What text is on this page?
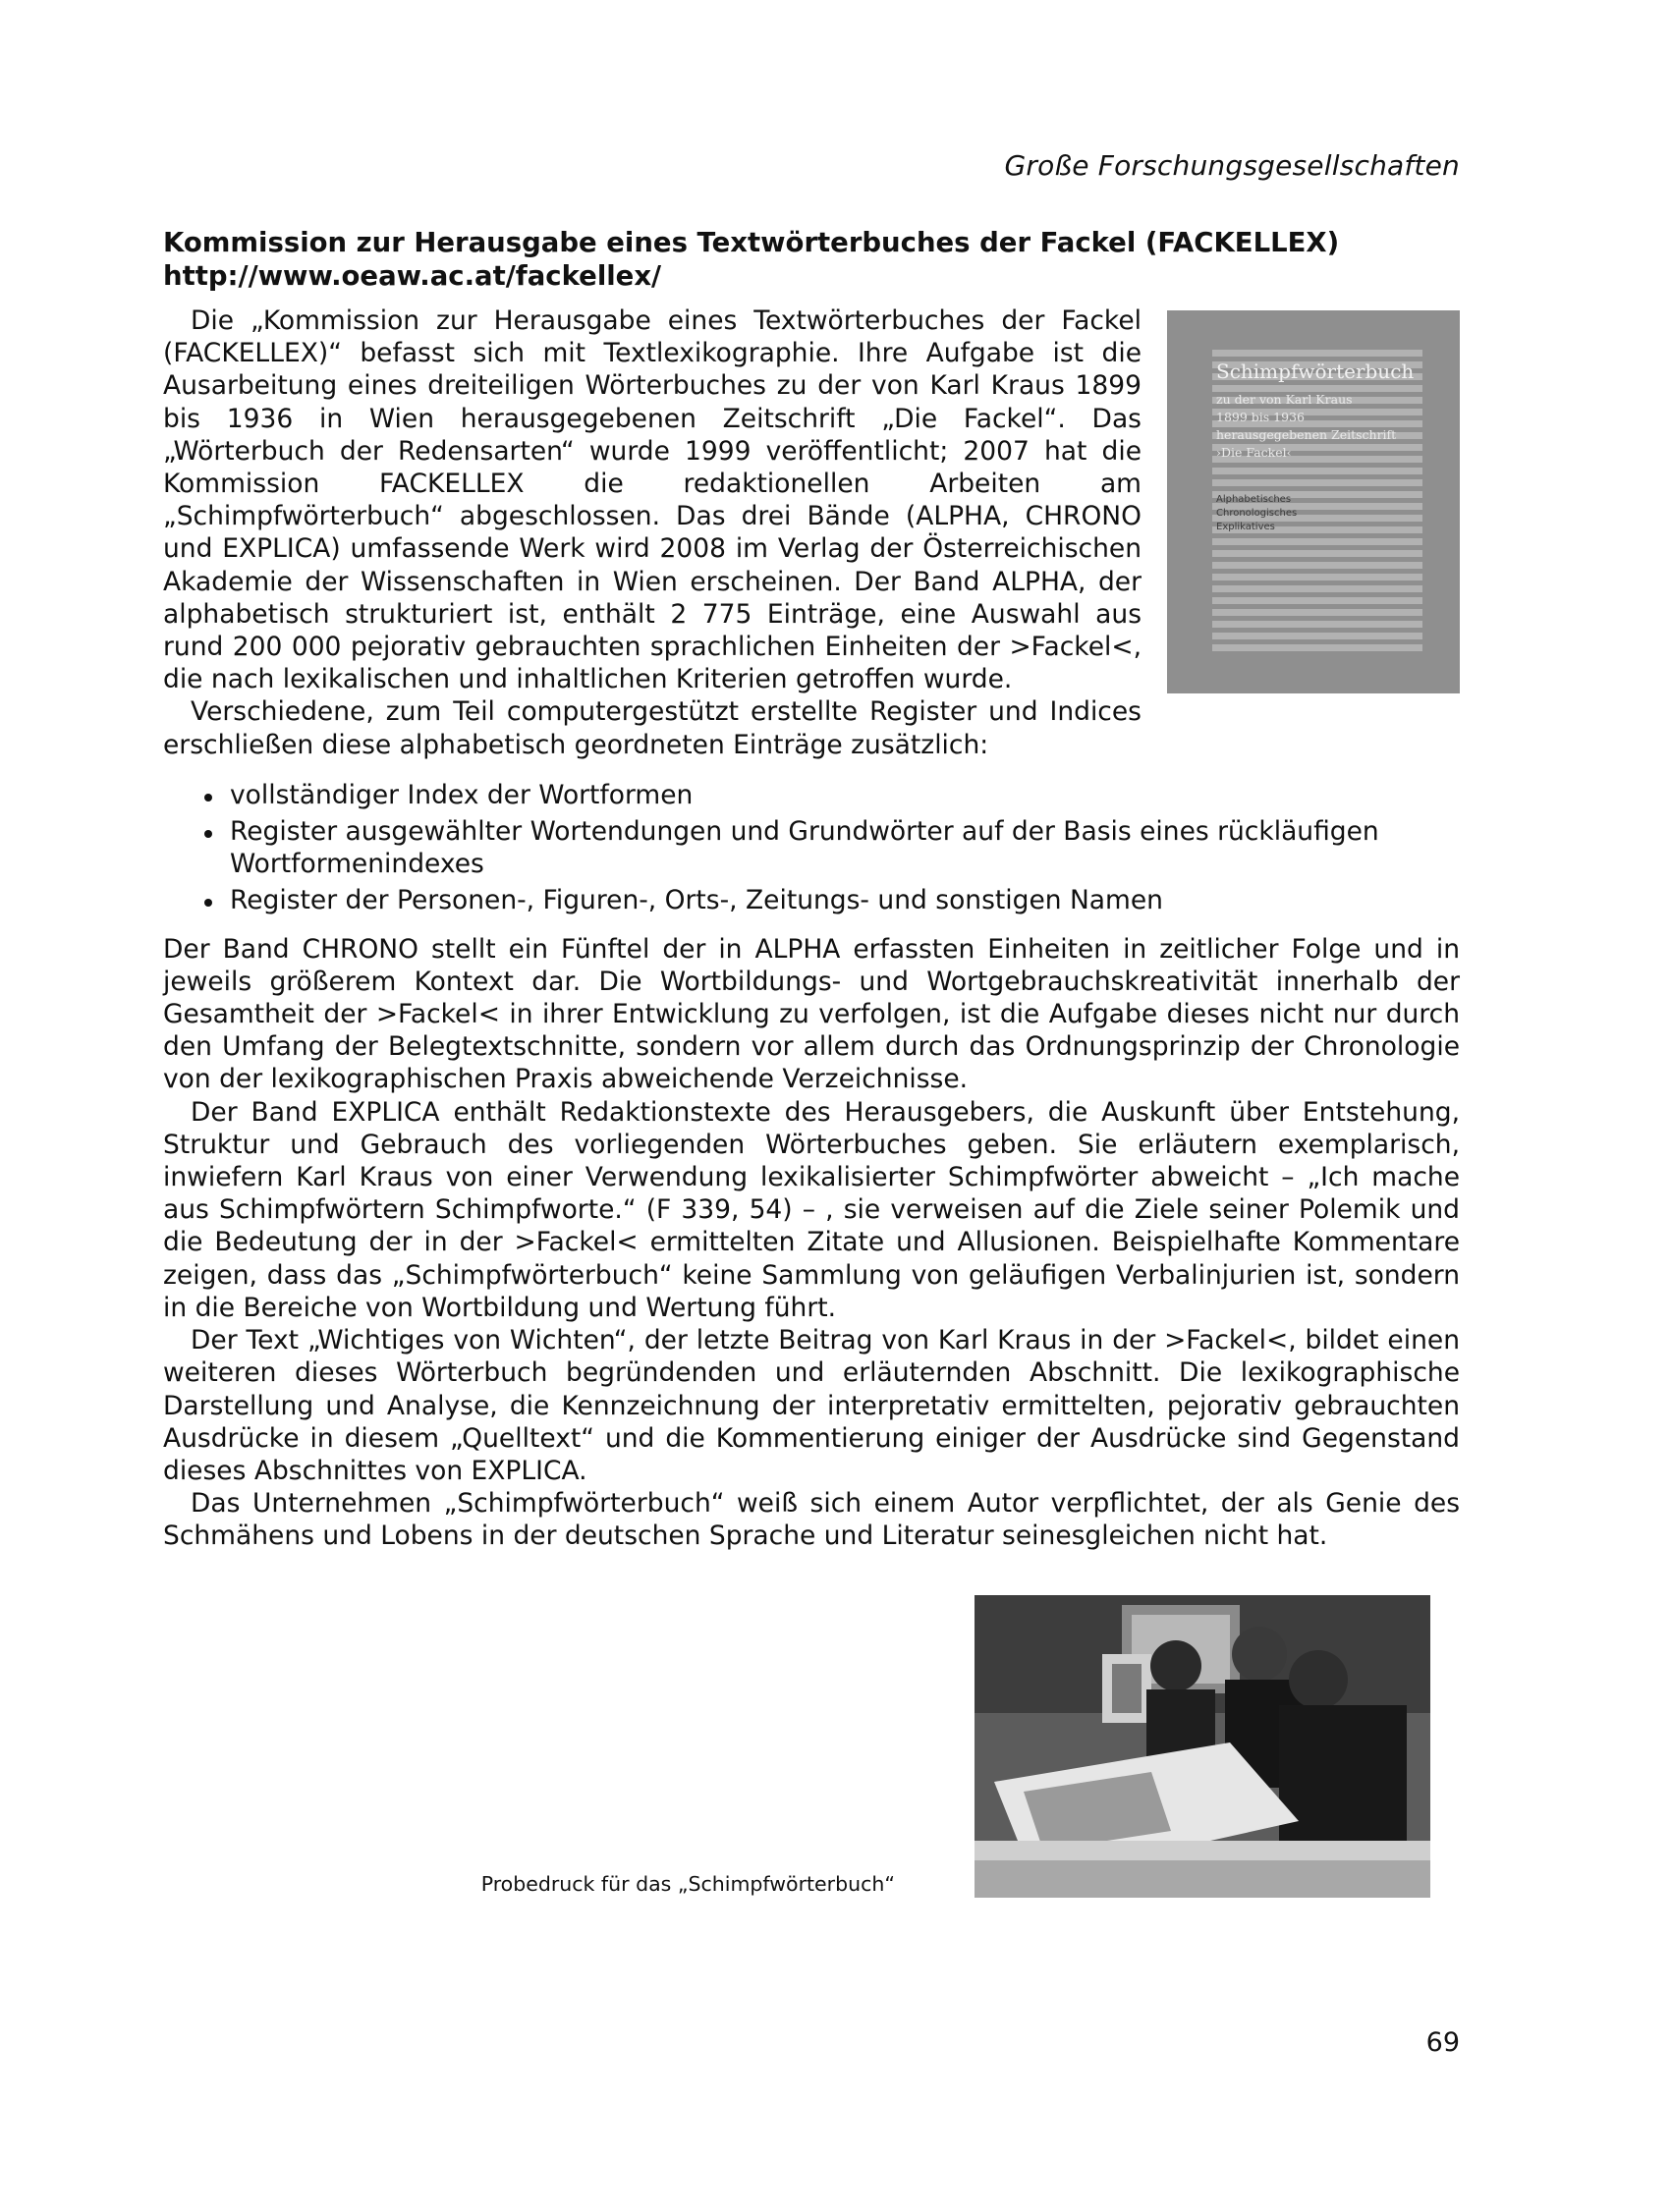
Große Forschungsgesellschaften
Kommission zur Herausgabe eines Textwörterbuches der Fackel (FACKELLEX)
http://www.oeaw.ac.at/fackellex/
Schimpfwörterbuch
zu der von Karl Kraus
1899 bis 1936
herausgegebenen Zeitschrift
›Die Fackel‹
Alphabetisches
Chronologisches
Explikatives

Die „Kommission zur Herausgabe eines Textwörterbuches der Fackel (FACKELLEX)“ befasst sich mit Textlexikographie. Ihre Aufgabe ist die Ausarbeitung eines dreiteiligen Wörterbuches zu der von Karl Kraus 1899 bis 1936 in Wien herausgegebenen Zeitschrift „Die Fackel“. Das „Wörterbuch der Redensarten“ wurde 1999 veröffentlicht; 2007 hat die Kommission FACKELLEX die redaktionellen Arbeiten am „Schimpfwörterbuch“ abgeschlossen. Das drei Bände (ALPHA, CHRONO und EXPLICA) umfassende Werk wird 2008 im Verlag der Österreichischen Akademie der Wissenschaften in Wien erscheinen. Der Band ALPHA, der alphabetisch strukturiert ist, enthält 2 775 Einträge, eine Auswahl aus rund 200 000 pejorativ gebrauchten sprachlichen Einheiten der >Fackel<, die nach lexikalischen und inhaltlichen Kriterien getroffen wurde.

Verschiedene, zum Teil computergestützt erstellte Register und Indices erschließen diese alphabetisch geordneten Einträge zusätzlich:

vollständiger Index der Wortformen
Register ausgewählter Wortendungen und Grundwörter auf der Basis eines rückläufigen Wortformenindexes
Register der Personen-, Figuren-, Orts-, Zeitungs- und sonstigen Namen

Der Band CHRONO stellt ein Fünftel der in ALPHA erfassten Einheiten in zeitlicher Folge und in jeweils größerem Kontext dar. Die Wortbildungs- und Wortgebrauchskreativität innerhalb der Gesamtheit der >Fackel< in ihrer Entwicklung zu verfolgen, ist die Aufgabe dieses nicht nur durch den Umfang der Belegtextschnitte, sondern vor allem durch das Ordnungsprinzip der Chronologie von der lexikographischen Praxis abweichende Verzeichnisse.

Der Band EXPLICA enthält Redaktionstexte des Herausgebers, die Auskunft über Entstehung, Struktur und Gebrauch des vorliegenden Wörterbuches geben. Sie erläutern exemplarisch, inwiefern Karl Kraus von einer Verwendung lexikalisierter Schimpfwörter abweicht – „Ich mache aus Schimpfwörtern Schimpfworte.“ (F 339, 54) – , sie verweisen auf die Ziele seiner Polemik und die Bedeutung der in der >Fackel< ermittelten Zitate und Allusionen. Beispielhafte Kommentare zeigen, dass das „Schimpfwörterbuch“ keine Sammlung von geläufigen Verbalinjurien ist, sondern in die Bereiche von Wortbildung und Wertung führt.

Der Text „Wichtiges von Wichten“, der letzte Beitrag von Karl Kraus in der >Fackel<, bildet einen weiteren dieses Wörterbuch begründenden und erläuternden Abschnitt. Die lexikographische Darstellung und Analyse, die Kennzeichnung der interpretativ ermittelten, pejorativ gebrauchten Ausdrücke in diesem „Quelltext“ und die Kommentierung einiger der Ausdrücke sind Gegenstand dieses Abschnittes von EXPLICA.

Das Unternehmen „Schimpfwörterbuch“ weiß sich einem Autor verpflichtet, der als Genie des Schmähens und Lobens in der deutschen Sprache und Literatur seinesgleichen nicht hat.

Probedruck für das „Schimpfwörterbuch“
69
